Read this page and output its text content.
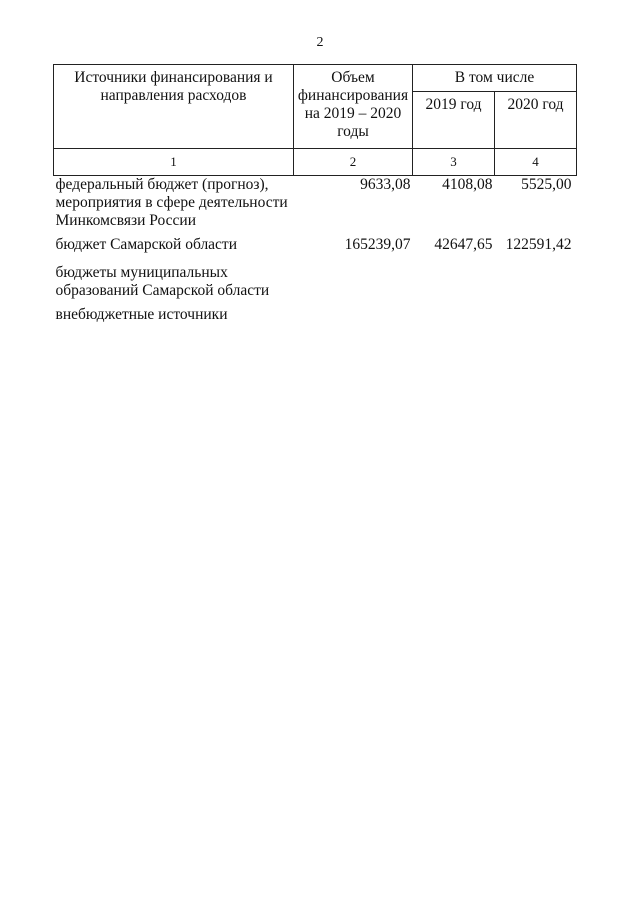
2
Источники финансирования и направления расходов	Объем финансирования на 2019 – 2020 годы	В том числе	
		2019 год	2020 год
1	2	3	4
федеральный бюджет (прогноз), мероприятия в сфере деятельности Минкомсвязи России	9633,08	4108,08	5525,00
бюджет Самарской области	165239,07	42647,65	122591,42
бюджеты муниципальных образований Самарской области			
внебюджетные источники			
